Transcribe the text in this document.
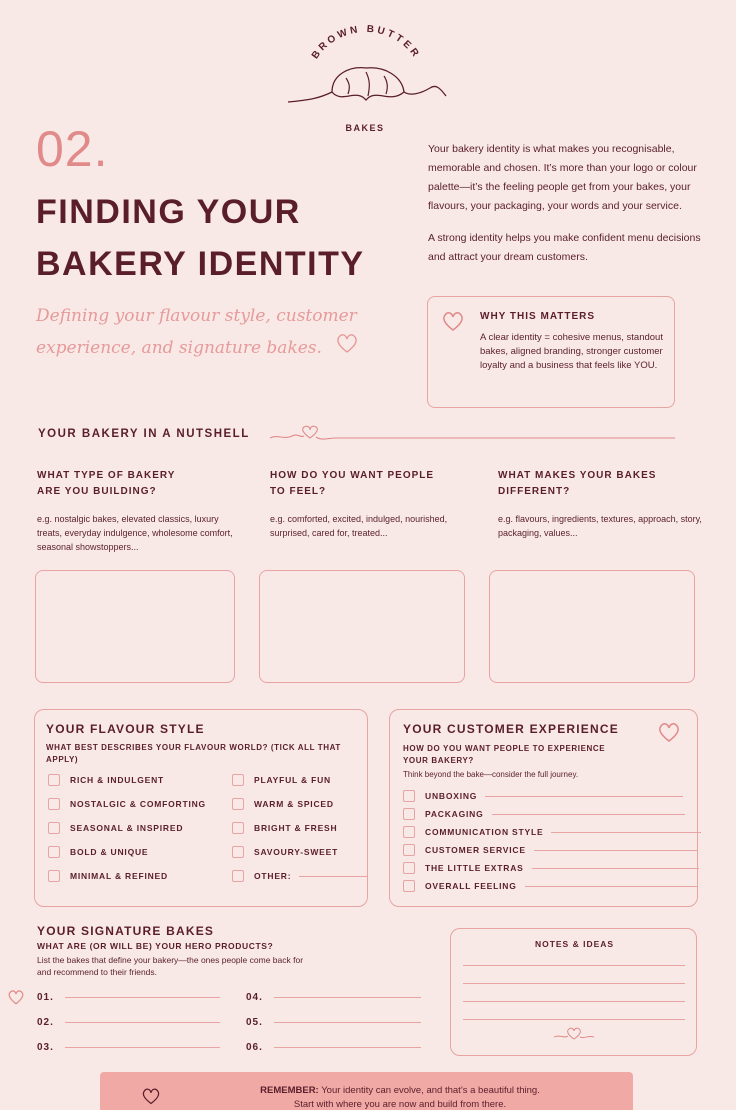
BROWN BUTTER
BAKES
02.
FINDING YOUR
BAKERY IDENTITY
Defining your flavour style, customer experience, and signature bakes.

Your bakery identity is what makes you recognisable, memorable and chosen. It’s more than your logo or colour palette—it’s the feeling people get from your bakes, your flavours, your packaging, your words and your service.

A strong identity helps you make confident menu decisions and attract your dream customers.

WHY THIS MATTERS
A clear identity = cohesive menus, standout bakes, aligned branding, stronger customer loyalty and a business that feels like YOU.
YOUR BAKERY IN A NUTSHELL
WHAT TYPE OF BAKERY
ARE YOU BUILDING?
e.g. nostalgic bakes, elevated classics, luxury treats, everyday indulgence, wholesome comfort, seasonal showstoppers...
HOW DO YOU WANT PEOPLE
TO FEEL?
e.g. comforted, excited, indulged, nourished, surprised, cared for, treated...
WHAT MAKES YOUR BAKES
DIFFERENT?
e.g. flavours, ingredients, textures, approach, story, packaging, values...
YOUR FLAVOUR STYLE
WHAT BEST DESCRIBES YOUR FLAVOUR WORLD? (TICK ALL THAT APPLY)
RICH & INDULGENT
NOSTALGIC & COMFORTING
SEASONAL & INSPIRED
BOLD & UNIQUE
MINIMAL & REFINED
PLAYFUL & FUN
WARM & SPICED
BRIGHT & FRESH
SAVOURY-SWEET
OTHER:
YOUR CUSTOMER EXPERIENCE
HOW DO YOU WANT PEOPLE TO EXPERIENCE
YOUR BAKERY?
Think beyond the bake—consider the full journey.
UNBOXING
PACKAGING
COMMUNICATION STYLE
CUSTOMER SERVICE
THE LITTLE EXTRAS
OVERALL FEELING
YOUR SIGNATURE BAKES
WHAT ARE (OR WILL BE) YOUR HERO PRODUCTS?
List the bakes that define your bakery—the ones people come back for and recommend to their friends.
01.
02.
03.
04.
05.
06.
NOTES & IDEAS
REMEMBER: Your identity can evolve, and that’s a beautiful thing.
Start with where you are now and build from there.
